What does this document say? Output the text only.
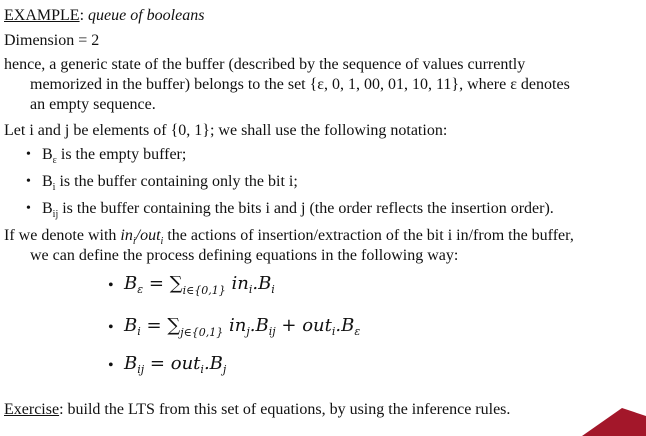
EXAMPLE: queue of booleans
Dimension = 2
hence, a generic state of the buffer (described by the sequence of values currently
memorized in the buffer) belongs to the set {ε, 0, 1, 00, 01, 10, 11}, where ε denotes
an empty sequence.
Let i and j be elements of {0, 1}; we shall use the following notation:
• $B_\varepsilon$ is the empty buffer;
• $B_i$ is the buffer containing only the bit i;
• $B_{ij}$ is the buffer containing the bits i and j (the order reflects the insertion order).
If we denote with $in_i/out_i$ the actions of insertion/extraction of the bit i in/from the buffer,
we can define the process defining equations in the following way:
• $B_\varepsilon = \sum_{i\in\{0,1\}}$ $in_i.B_i$
• $B_i = \sum_{j\in\{0,1\}}$ $in_j.B_{ij} + out_i.B_\varepsilon$
• $B_{ij} = out_i.B_j$
Exercise: build the LTS from this set of equations, by using the inference rules.
